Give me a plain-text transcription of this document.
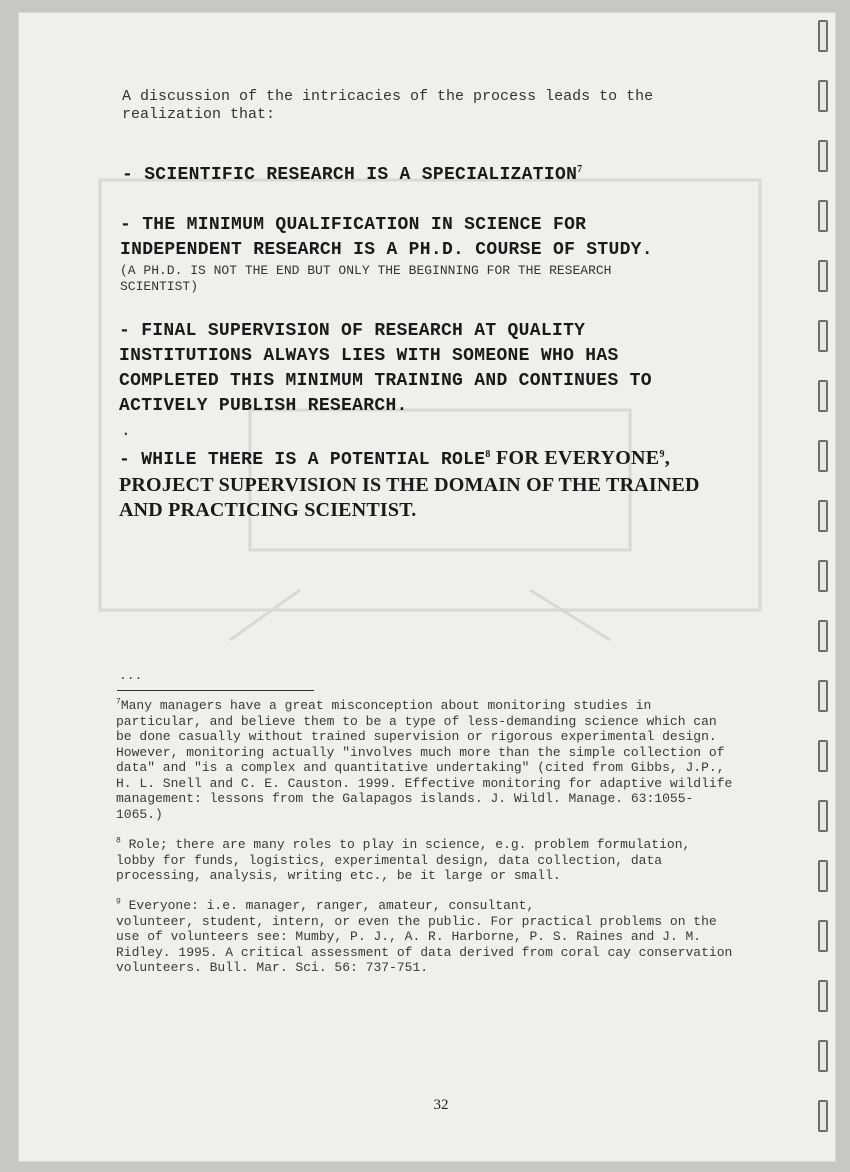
A discussion of the intricacies of the process leads to the
realization that:
- SCIENTIFIC RESEARCH IS A SPECIALIZATION$^7$
- THE MINIMUM QUALIFICATION IN SCIENCE FOR
INDEPENDENT RESEARCH IS A PH.D. COURSE OF STUDY.
(A PH.D. IS NOT THE END BUT ONLY THE BEGINNING FOR THE RESEARCH
SCIENTIST)
- FINAL SUPERVISION OF RESEARCH AT QUALITY
INSTITUTIONS ALWAYS LIES WITH SOMEONE WHO HAS
COMPLETED THIS MINIMUM TRAINING AND CONTINUES TO
ACTIVELY PUBLISH RESEARCH.
.
- WHILE THERE IS A POTENTIAL ROLE$^8$ FOR EVERYONE$^9$,
PROJECT SUPERVISION IS THE DOMAIN OF THE TRAINED
AND PRACTICING SCIENTIST.
...
$^7$Many managers have a great misconception about monitoring studies in
particular, and believe them to be a type of less-demanding science which can
be done casually without trained supervision or rigorous experimental design.
However, monitoring actually "involves much more than the simple collection of
data" and "is a complex and quantitative undertaking" (cited from Gibbs, J.P.,
H. L. Snell and C. E. Causton. 1999. Effective monitoring for adaptive wildlife
management: lessons from the Galapagos islands. J. Wildl. Manage. 63:1055-
1065.)
$^8$ Role; there are many roles to play in science, e.g. problem formulation,
lobby for funds, logistics, experimental design, data collection, data
processing, analysis, writing etc., be it large or small.
$^9$ Everyone: i.e. manager, ranger, amateur, consultant,
volunteer, student, intern, or even the public. For practical problems on the
use of volunteers see: Mumby, P. J., A. R. Harborne, P. S. Raines and J. M.
Ridley. 1995. A critical assessment of data derived from coral cay conservation
volunteers. Bull. Mar. Sci. 56: 737-751.
32
